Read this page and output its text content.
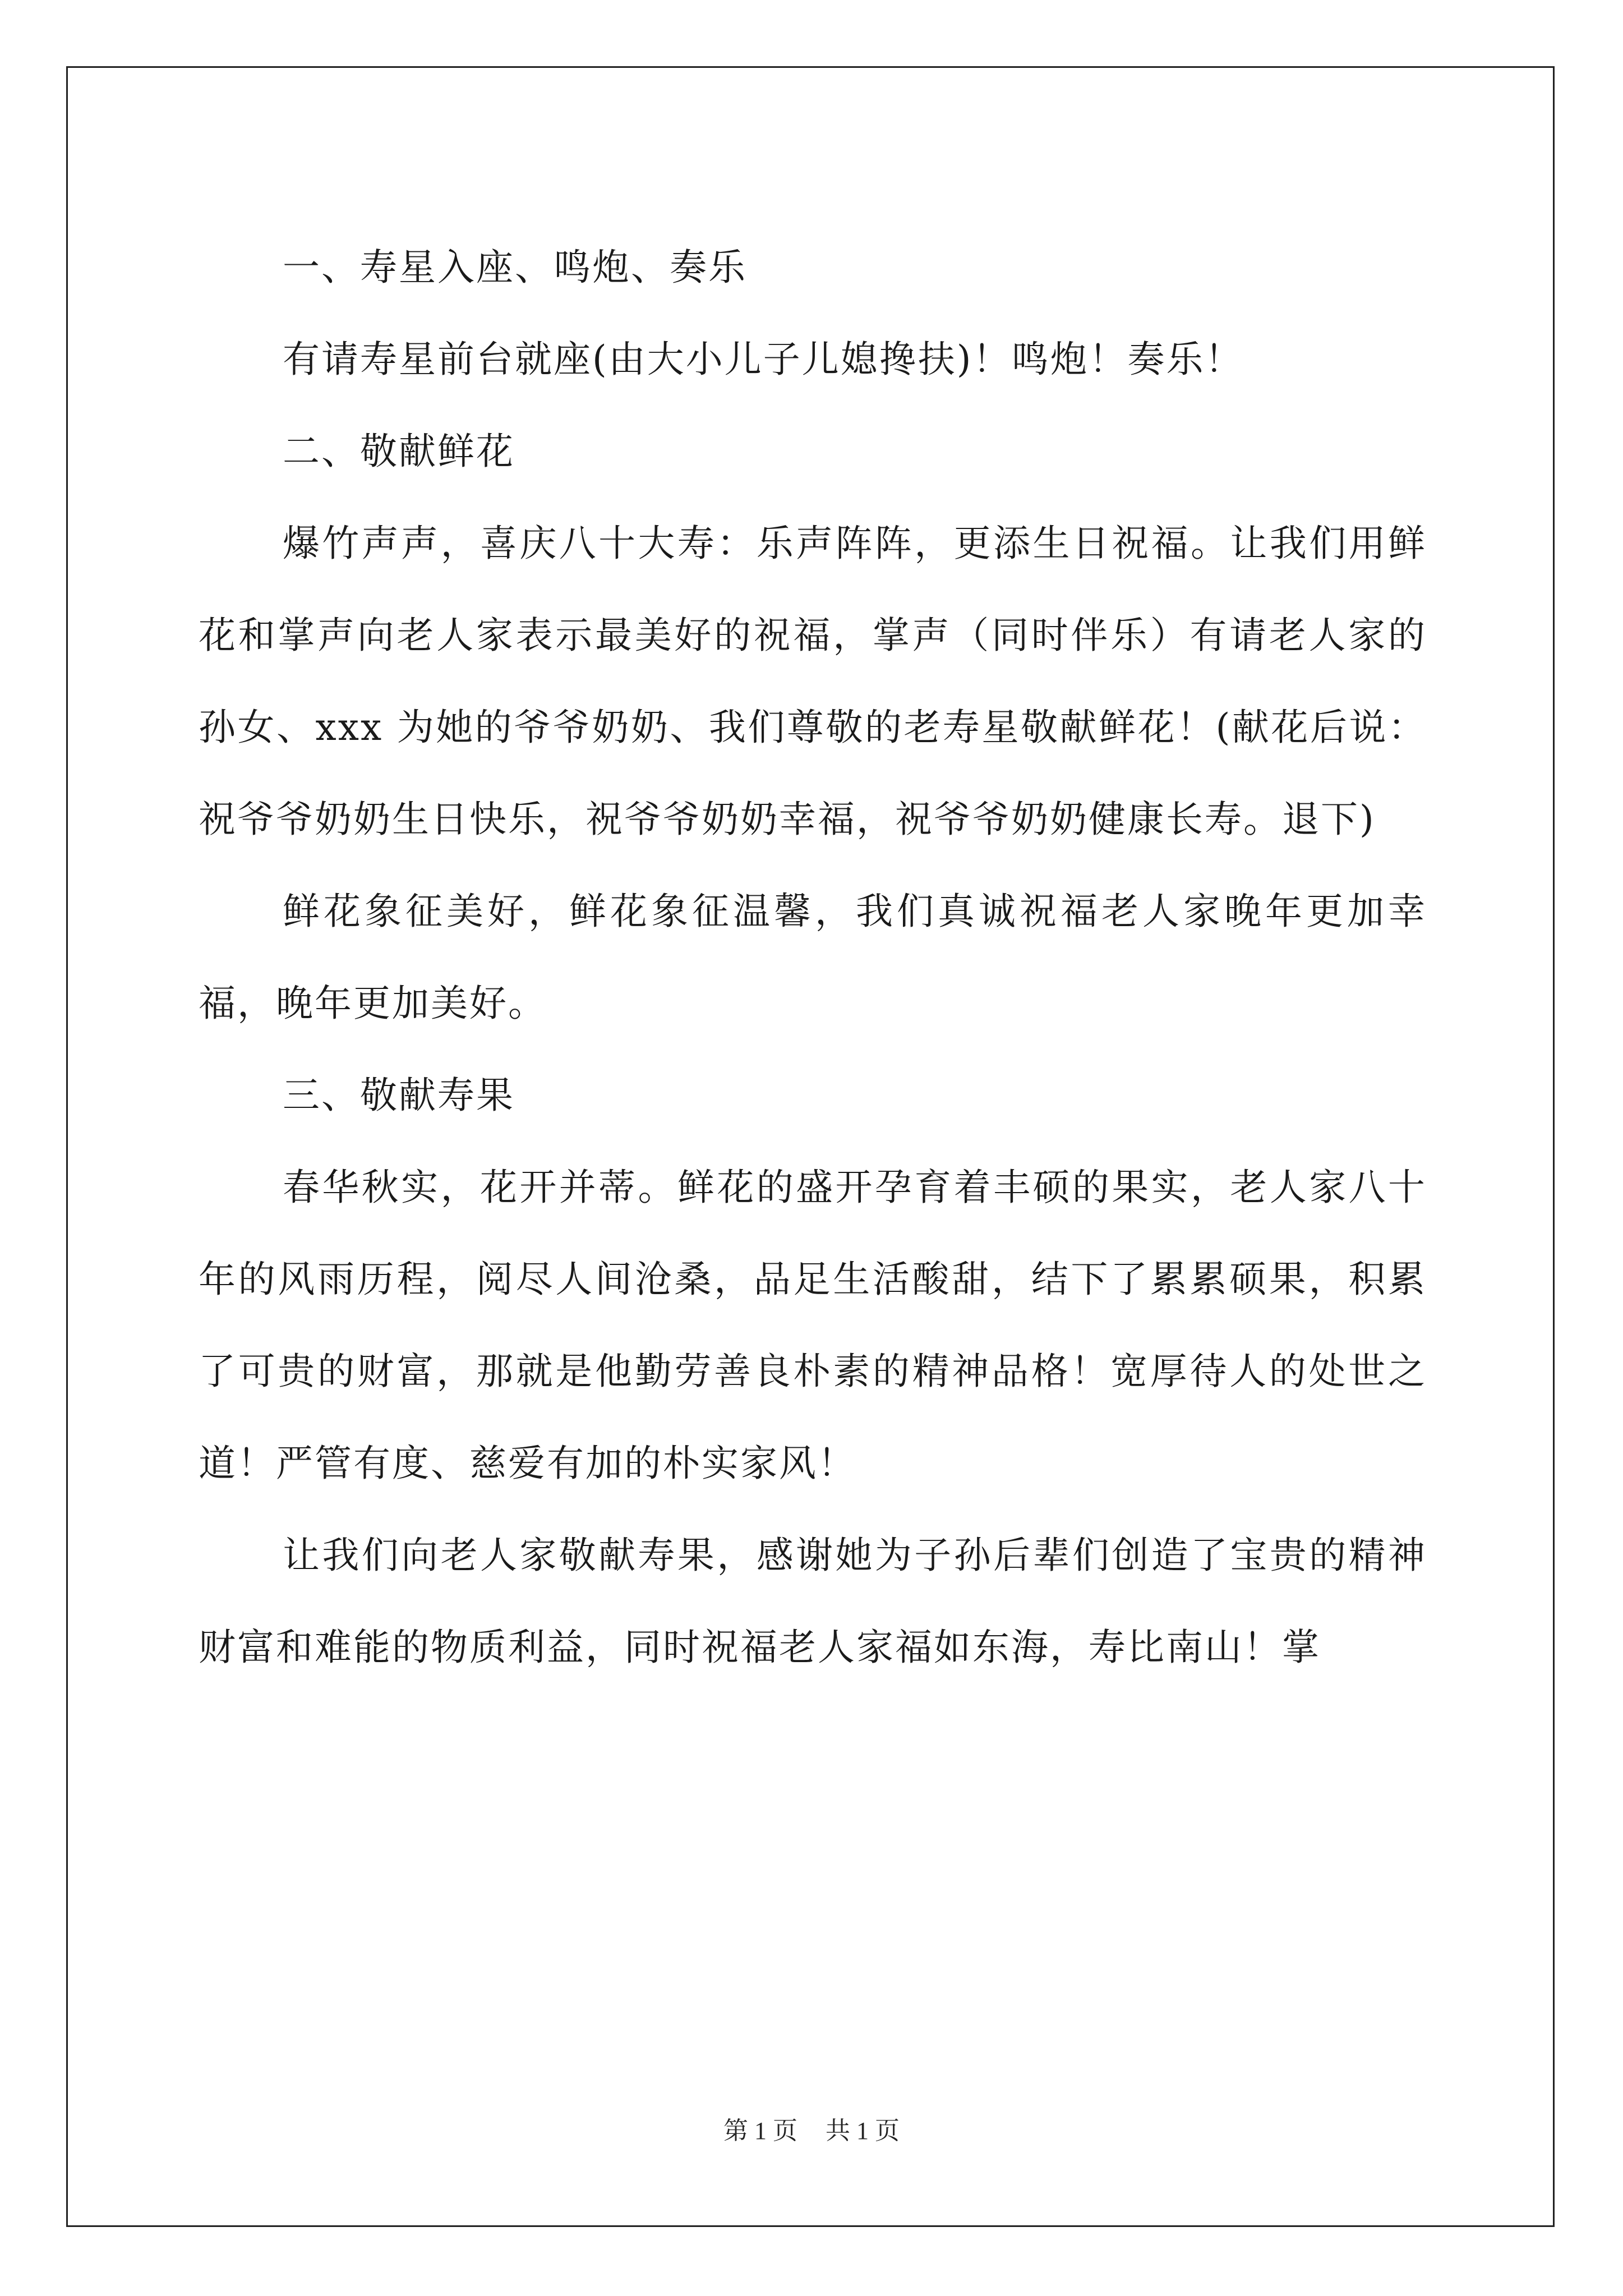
一、寿星入座、鸣炮、奏乐

有请寿星前台就座(由大小儿子儿媳搀扶)！鸣炮！奏乐！

二、敬献鲜花

爆竹声声，喜庆八十大寿：乐声阵阵，更添生日祝福。让我们用鲜花和掌声向老人家表示最美好的祝福，掌声（同时伴乐）有请老人家的孙女、xxx 为她的爷爷奶奶、我们尊敬的老寿星敬献鲜花！(献花后说：祝爷爷奶奶生日快乐，祝爷爷奶奶幸福，祝爷爷奶奶健康长寿。退下)

鲜花象征美好，鲜花象征温馨，我们真诚祝福老人家晚年更加幸福，晚年更加美好。

三、敬献寿果

春华秋实，花开并蒂。鲜花的盛开孕育着丰硕的果实，老人家八十年的风雨历程，阅尽人间沧桑，品足生活酸甜，结下了累累硕果，积累了可贵的财富，那就是他勤劳善良朴素的精神品格！宽厚待人的处世之道！严管有度、慈爱有加的朴实家风！

让我们向老人家敬献寿果，感谢她为子孙后辈们创造了宝贵的精神财富和难能的物质利益，同时祝福老人家福如东海，寿比南山！掌

第 1 页 共 1 页
